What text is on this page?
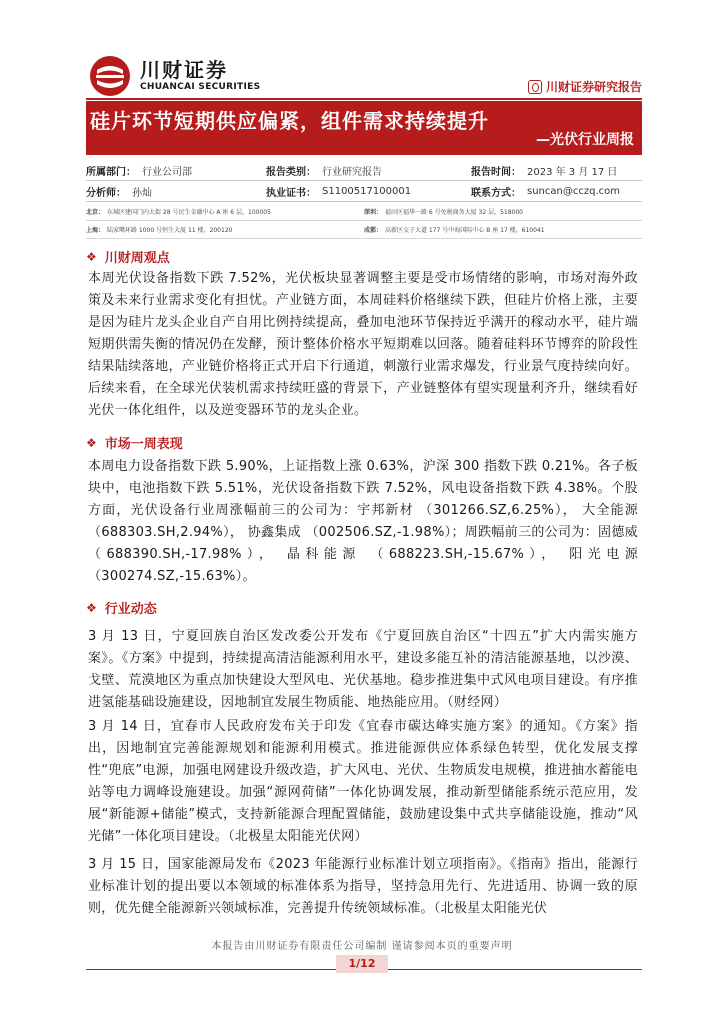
川财证券
CHUANCAI SECURITIES	川财证券研究报告
硅片环节短期供应偏紧，组件需求持续提升
—光伏行业周报
所属部门： 行业公司部	报告类别： 行业研究报告	报告时间： 2023 年 3 月 17 日
分析师： 孙灿	执业证书： S1100517100001	联系方式： suncan@cczq.com
北京： 东城区建国门内大街 28 号民生金融中心 A 座 6 层，100005	深圳： 福田区福华一路 6 号免税商务大厦 32 层，518000
上海： 陆家嘴环路 1000 号恒生大厦 11 楼，200120	成都： 高新区交子大道 177 号中海国际中心 B 座 17 楼，610041
❖ 川财周观点
本周光伏设备指数下跌 7.52%，光伏板块显著调整主要是受市场情绪的影响，市场对海外政策及未来行业需求变化有担忧。产业链方面，本周硅料价格继续下跌，但硅片价格上涨，主要是因为硅片龙头企业自产自用比例持续提高，叠加电池环节保持近乎满开的稼动水平，硅片端短期供需失衡的情况仍在发酵，预计整体价格水平短期难以回落。随着硅料环节博弈的阶段性结果陆续落地，产业链价格将正式开启下行通道，刺激行业需求爆发，行业景气度持续向好。后续来看，在全球光伏装机需求持续旺盛的背景下，产业链整体有望实现量利齐升，继续看好光伏一体化组件，以及逆变器环节的龙头企业。
❖ 市场一周表现
本周电力设备指数下跌 5.90%，上证指数上涨 0.63%，沪深 300 指数下跌 0.21%。各子板块中，电池指数下跌 5.51%，光伏设备指数下跌 7.52%，风电设备指数下跌 4.38%。个股方面，光伏设备行业周涨幅前三的公司为：宇邦新材 （301266.SZ,6.25%）， 大全能源（688303.SH,2.94%）， 协鑫集成 （002506.SZ,-1.98%）；周跌幅前三的公司为：固德威（688390.SH,-17.98%）， 晶科能源 （688223.SH,-15.67%）， 阳光电源 （300274.SZ,-15.63%）。
❖ 行业动态
3 月 13 日，宁夏回族自治区发改委公开发布《宁夏回族自治区“十四五”扩大内需实施方案》。《方案》中提到，持续提高清洁能源利用水平，建设多能互补的清洁能源基地，以沙漠、戈壁、荒漠地区为重点加快建设大型风电、光伏基地。稳步推进集中式风电项目建设。有序推进氢能基础设施建设，因地制宜发展生物质能、地热能应用。（财经网）
3 月 14 日，宜春市人民政府发布关于印发《宜春市碳达峰实施方案》的通知。《方案》指出，因地制宜完善能源规划和能源利用模式。推进能源供应体系绿色转型，优化发展支撑性“兜底”电源，加强电网建设升级改造，扩大风电、光伏、生物质发电规模，推进抽水蓄能电站等电力调峰设施建设。加强“源网荷储”一体化协调发展，推动新型储能系统示范应用，发展“新能源+储能”模式，支持新能源合理配置储能，鼓励建设集中式共享储能设施，推动“风光储”一体化项目建设。（北极星太阳能光伏网）
3 月 15 日，国家能源局发布《2023 年能源行业标准计划立项指南》。《指南》指出，能源行业标准计划的提出要以本领域的标准体系为指导，坚持急用先行、先进适用、协调一致的原则，优先健全能源新兴领域标准，完善提升传统领域标准。（北极星太阳能光伏
本报告由川财证券有限责任公司编制 谨请参阅本页的重要声明
1/12
